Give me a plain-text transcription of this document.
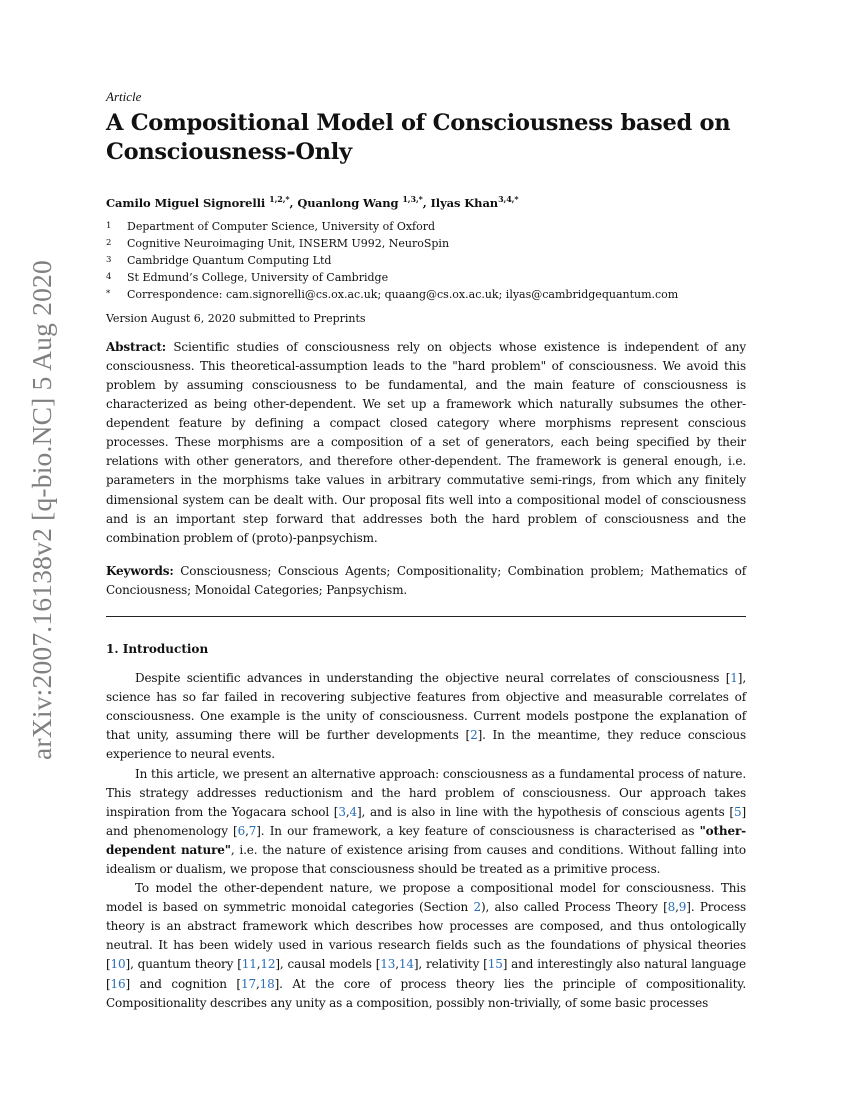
arXiv:2007.16138v2 [q-bio.NC] 5 Aug 2020

Article

A Compositional Model of Consciousness based on
Consciousness-Only

Camilo Miguel Signorelli $^{1,2,*}$, Quanlong Wang $^{1,3,*}$, Ilyas Khan$^{3,4,*}$

1	Department of Computer Science, University of Oxford
2	Cognitive Neuroimaging Unit, INSERM U992, NeuroSpin
3	Cambridge Quantum Computing Ltd
4	St Edmund’s College, University of Cambridge
*	Correspondence: cam.signorelli@cs.ox.ac.uk; quaang@cs.ox.ac.uk; ilyas@cambridgequantum.com

Version August 6, 2020 submitted to Preprints

Abstract: Scientific studies of consciousness rely on objects whose existence is independent of any consciousness. This theoretical-assumption leads to the "hard problem" of consciousness. We avoid this problem by assuming consciousness to be fundamental, and the main feature of consciousness is characterized as being other-dependent. We set up a framework which naturally subsumes the other-dependent feature by defining a compact closed category where morphisms represent conscious processes. These morphisms are a composition of a set of generators, each being specified by their relations with other generators, and therefore other-dependent. The framework is general enough, i.e. parameters in the morphisms take values in arbitrary commutative semi-rings, from which any finitely dimensional system can be dealt with. Our proposal fits well into a compositional model of consciousness and is an important step forward that addresses both the hard problem of consciousness and the combination problem of (proto)-panpsychism.

Keywords: Consciousness; Conscious Agents; Compositionality; Combination problem; Mathematics of Conciousness; Monoidal Categories; Panpsychism.

1. Introduction

Despite scientific advances in understanding the objective neural correlates of consciousness [1], science has so far failed in recovering subjective features from objective and measurable correlates of consciousness. One example is the unity of consciousness. Current models postpone the explanation of that unity, assuming there will be further developments [2]. In the meantime, they reduce conscious experience to neural events.

In this article, we present an alternative approach: consciousness as a fundamental process of nature. This strategy addresses reductionism and the hard problem of consciousness. Our approach takes inspiration from the Yogacara school [3,4], and is also in line with the hypothesis of conscious agents [5] and phenomenology [6,7]. In our framework, a key feature of consciousness is characterised as "other-dependent nature", i.e. the nature of existence arising from causes and conditions. Without falling into idealism or dualism, we propose that consciousness should be treated as a primitive process.

To model the other-dependent nature, we propose a compositional model for consciousness. This model is based on symmetric monoidal categories (Section 2), also called Process Theory [8,9]. Process theory is an abstract framework which describes how processes are composed, and thus ontologically neutral. It has been widely used in various research fields such as the foundations of physical theories [10], quantum theory [11,12], causal models [13,14], relativity [15] and interestingly also natural language [16] and cognition [17,18]. At the core of process theory lies the principle of compositionality. Compositionality describes any unity as a composition, possibly non-trivially, of some basic processes
